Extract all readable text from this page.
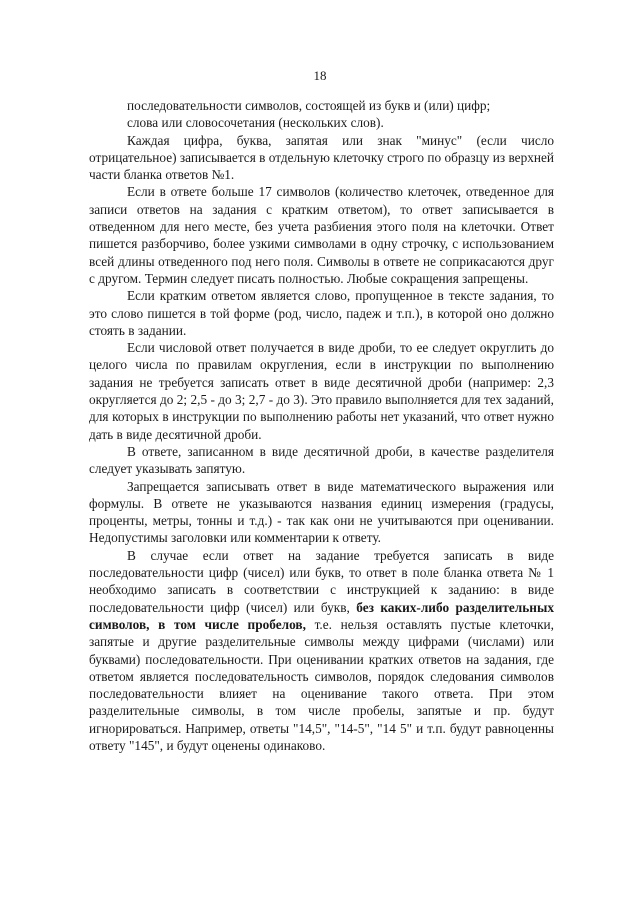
18

последовательности символов, состоящей из букв и (или) цифр;

слова или словосочетания (нескольких слов).

Каждая цифра, буква, запятая или знак "минус" (если число отрицательное) записывается в отдельную клеточку строго по образцу из верхней части бланка ответов №1.

Если в ответе больше 17 символов (количество клеточек, отведенное для записи ответов на задания с кратким ответом), то ответ записывается в отведенном для него месте, без учета разбиения этого поля на клеточки. Ответ пишется разборчиво, более узкими символами в одну строчку, с использованием всей длины отведенного под него поля. Символы в ответе не соприкасаются друг с другом. Термин следует писать полностью. Любые сокращения запрещены.

Если кратким ответом является слово, пропущенное в тексте задания, то это слово пишется в той форме (род, число, падеж и т.п.), в которой оно должно стоять в задании.

Если числовой ответ получается в виде дроби, то ее следует округлить до целого числа по правилам округления, если в инструкции по выполнению задания не требуется записать ответ в виде десятичной дроби (например: 2,3 округляется до 2; 2,5 - до 3; 2,7 - до 3). Это правило выполняется для тех заданий, для которых в инструкции по выполнению работы нет указаний, что ответ нужно дать в виде десятичной дроби.

В ответе, записанном в виде десятичной дроби, в качестве разделителя следует указывать запятую.

Запрещается записывать ответ в виде математического выражения или формулы. В ответе не указываются названия единиц измерения (градусы, проценты, метры, тонны и т.д.) - так как они не учитываются при оценивании. Недопустимы заголовки или комментарии к ответу.

В случае если ответ на задание требуется записать в виде последовательности цифр (чисел) или букв, то ответ в поле бланка ответа № 1 необходимо записать в соответствии с инструкцией к заданию: в виде последовательности цифр (чисел) или букв, без каких-либо разделительных символов, в том числе пробелов, т.е. нельзя оставлять пустые клеточки, запятые и другие разделительные символы между цифрами (числами) или буквами) последовательности. При оценивании кратких ответов на задания, где ответом является последовательность символов, порядок следования символов последовательности влияет на оценивание такого ответа. При этом разделительные символы, в том числе пробелы, запятые и пр. будут игнорироваться. Например, ответы "14,5", "14-5", "14 5" и т.п. будут равноценны ответу "145", и будут оценены одинаково.
